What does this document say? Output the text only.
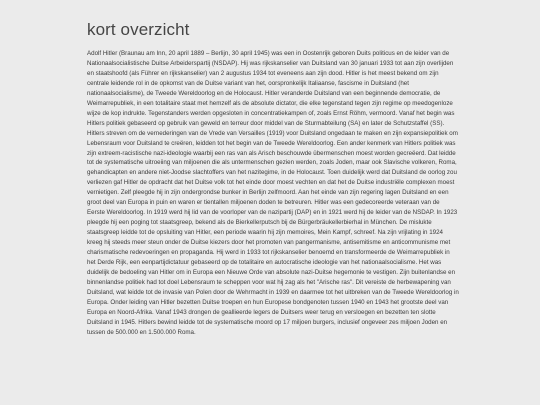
kort overzicht

Adolf Hitler (Braunau am Inn, 20 april 1889 – Berlijn, 30 april 1945) was een in Oostenrijk geboren Duits politicus en de leider van de Nationaalsocialistische Duitse Arbeiderspartij (NSDAP). Hij was rijkskanselier van Duitsland van 30 januari 1933 tot aan zijn overlijden en staatshoofd (als Führer en rijkskanselier) van 2 augustus 1934 tot eveneens aan zijn dood. Hitler is het meest bekend om zijn centrale leidende rol in de opkomst van de Duitse variant van het, oorspronkelijk Italiaanse, fascisme in Duitsland (het nationaalsocialisme), de Tweede Wereldoorlog en de Holocaust. Hitler veranderde Duitsland van een beginnende democratie, de Weimarrepubliek, in een totalitaire staat met hemzelf als de absolute dictator, die elke tegenstand tegen zijn regime op meedogenloze wijze de kop indrukte. Tegenstanders werden opgesloten in concentratiekampen of, zoals Ernst Röhm, vermoord. Vanaf het begin was Hitlers politiek gebaseerd op gebruik van geweld en terreur door middel van de Sturmabteilung (SA) en later de Schutzstaffel (SS). Hitlers streven om de vernederingen van de Vrede van Versailles (1919) voor Duitsland ongedaan te maken en zijn expansiepolitiek om Lebensraum voor Duitsland te creëren, leidden tot het begin van de Tweede Wereldoorlog. Een ander kenmerk van Hitlers politiek was zijn extreem-racistische nazi-ideologie waarbij een ras van als Arisch beschouwde übermenschen moest worden gecreëerd. Dat leidde tot de systematische uitroeiing van miljoenen die als untermenschen gezien werden, zoals Joden, maar ook Slavische volkeren, Roma, gehandicapten en andere niet-Joodse slachtoffers van het nazitegime, in de Holocaust. Toen duidelijk werd dat Duitsland de oorlog zou verliezen gaf Hitler de opdracht dat het Duitse volk tot het einde door moest vechten en dat het de Duitse industriële complexen moest vernietigen. Zelf pleegde hij in zijn ondergrondse bunker in Berlijn zelfmoord. Aan het einde van zijn regering lagen Duitsland en een groot deel van Europa in puin en waren er tientallen miljoenen doden te betreuren. Hitler was een gedecoreerde veteraan van de Eerste Wereldoorlog. In 1919 werd hij lid van de voorloper van de nazipartij (DAP) en in 1921 werd hij de leider van de NSDAP. In 1923 pleegde hij een poging tot staatsgreep, bekend als de Bierkellerputsch bij de Bürgerbräukellerbierhal in München. De mislukte staatsgreep leidde tot de opsluiting van Hitler, een periode waarin hij zijn memoires, Mein Kampf, schreef. Na zijn vrijlating in 1924 kreeg hij steeds meer steun onder de Duitse kiezers door het promoten van pangermanisme, antisemitisme en anticommunisme met charismatische redevoeringen en propaganda. Hij werd in 1933 tot rijkskanselier benoemd en transformeerde de Weimarrepubliek in het Derde Rijk, een eenpartijdictatuur gebaseerd op de totalitaire en autocratische ideologie van het nationaalsocialisme. Het was duidelijk de bedoeling van Hitler om in Europa een Nieuwe Orde van absolute nazi-Duitse hegemonie te vestigen. Zijn buitenlandse en binnenlandse politiek had tot doel Lebensraum te scheppen voor wat hij zag als het "Arische ras". Dit vereiste de herbewapening van Duitsland, wat leidde tot de invasie van Polen door de Wehrmacht in 1939 en daarmee tot het uitbreken van de Tweede Wereldoorlog in Europa. Onder leiding van Hitler bezetten Duitse troepen en hun Europese bondgenoten tussen 1940 en 1943 het grootste deel van Europa en Noord-Afrika. Vanaf 1943 drongen de geallieerde legers de Duitsers weer terug en versloegen en bezetten ten slotte Duitsland in 1945. Hitlers bewind leidde tot de systematische moord op 17 miljoen burgers, inclusief ongeveer zes miljoen Joden en tussen de 500.000 en 1.500.000 Roma.
